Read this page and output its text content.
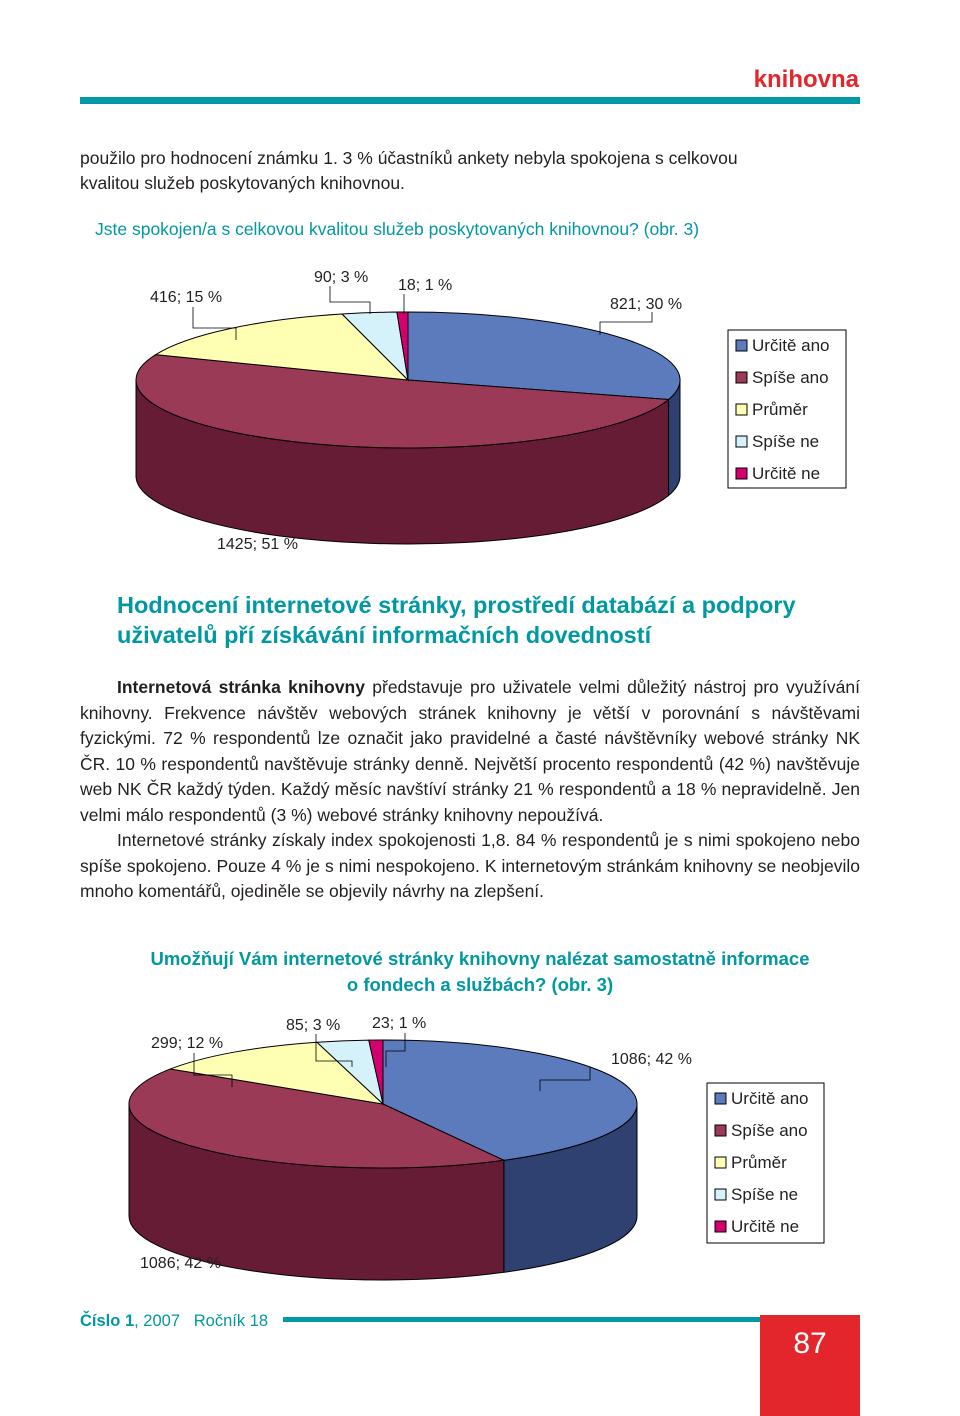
knihovna
použilo pro hodnocení známku 1. 3 % účastníků ankety nebyla spokojena s celkovou
kvalitou služeb poskytovaných knihovnou.
Jste spokojen/a s celkovou kvalitou služeb poskytovaných knihovnou? (obr. 3)
821; 30 %
1425; 51 %
416; 15 %
90; 3 % 18; 1 %
Určitě ano
Spíše ano
Průměr
Spíše ne
Určitě ne
Hodnocení internetové stránky, prostředí databází a podpory
uživatelů pří získávání informačních dovedností

Internetová stránka knihovny představuje pro uživatele velmi důležitý nástroj pro využívání knihovny. Frekvence návštěv webových stránek knihovny je větší v porovnání s návštěvami fyzickými. 72 % respondentů lze označit jako pravidelné a časté návštěvníky webové stránky NK ČR. 10 % respondentů navštěvuje stránky denně. Největší procento respondentů (42 %) navštěvuje web NK ČR každý týden. Každý měsíc navštíví stránky 21 % respondentů a 18 % nepravidelně. Jen velmi málo respondentů (3 %) webové stránky knihovny nepoužívá.

Internetové stránky získaly index spokojenosti 1,8. 84 % respondentů je s nimi spokojeno nebo spíše spokojeno. Pouze 4 % je s nimi nespokojeno. K internetovým stránkám knihovny se neobjevilo mnoho komentářů, ojediněle se objevily návrhy na zlepšení.

Umožňují Vám internetové stránky knihovny nalézat samostatně informace
o fondech a službách? (obr. 3)
1086; 42 %
1086; 42 %
299; 12 %
85; 3 % 23; 1 %
Určitě ano
Spíše ano
Průměr
Spíše ne
Určitě ne
Číslo 1, 2007 Ročník 18
87
